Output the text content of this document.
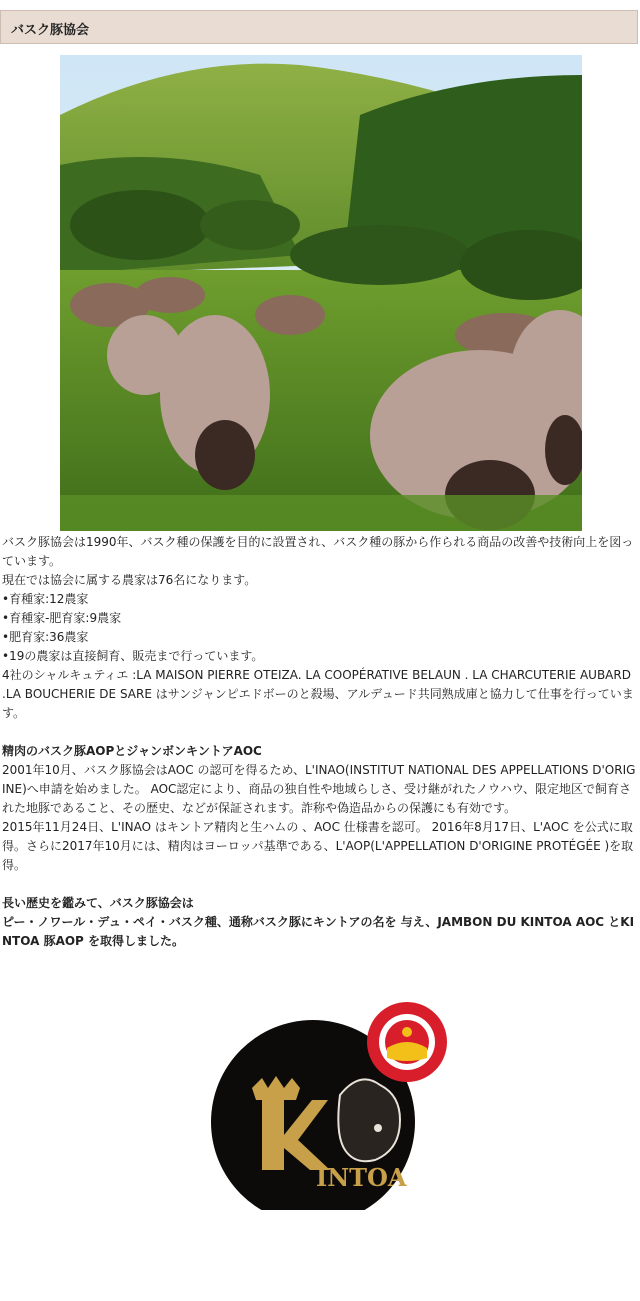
バスク豚協会

バスク豚協会は1990年、バスク種の保護を目的に設置され、バスク種の豚から作られる商品の改善や技術向上を図っています。

現在では協会に属する農家は76名になります。

•育種家:12農家

•育種家-肥育家:9農家

•肥育家:36農家

•19の農家は直接飼育、販売まで行っています。

4社のシャルキュティエ :LA MAISON PIERRE OTEIZA. LA COOPÉRATIVE BELAUN . LA CHARCUTERIE AUBARD .LA BOUCHERIE DE SARE はサンジャンピエドボーのと殺場、アルデュード共同熟成庫と協力して仕事を行っています。

精肉のバスク豚AOPとジャンボンキントアAOC

2001年10月、バスク豚協会はAOC の認可を得るため、L'INAO(INSTITUT NATIONAL DES APPELLATIONS D'ORIGINE)へ申請を始めました。 AOC認定により、商品の独自性や地域らしさ、受け継がれたノウハウ、限定地区で飼育された地豚であること、その歴史、などが保証されます。詐称や偽造品からの保護にも有効です。

2015年11月24日、L'INAO はキントア精肉と生ハムの 、AOC 仕様書を認可。 2016年8月17日、L'AOC を公式に取得。さらに2017年10月には、精肉はヨーロッパ基準である、L'AOP(L'APPELLATION D'ORIGINE PROTÉGÉE )を取得。

長い歴史を鑑みて、バスク豚協会は

ピー・ノワール・デュ・ペイ・バスク種、通称バスク豚にキントアの名を 与え、JAMBON DU KINTOA AOC とKINTOA 豚AOP を取得しました。

INTOA
